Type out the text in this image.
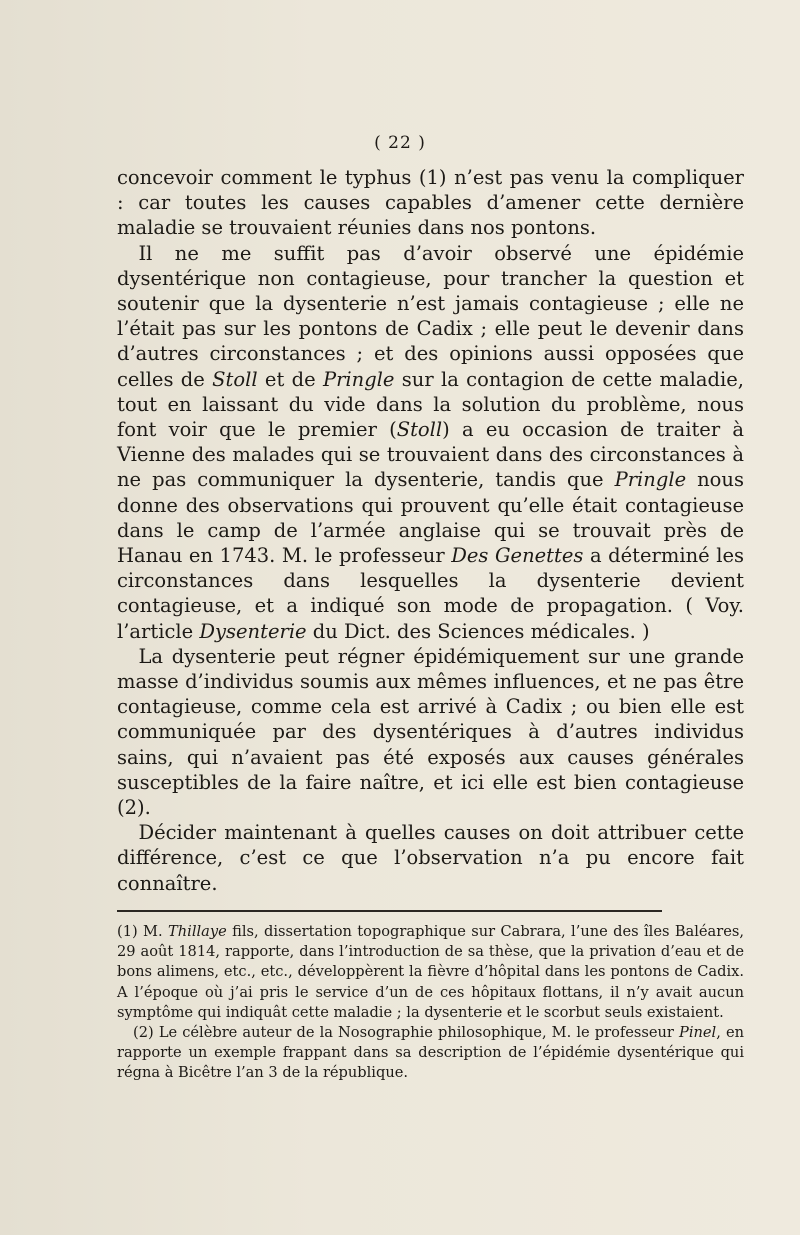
( 22 )

concevoir comment le typhus (1) n’est pas venu la compliquer : car toutes les causes capables d’amener cette dernière maladie se trouvaient réunies dans nos pontons.

Il ne me suffit pas d’avoir observé une épidémie dysentérique non contagieuse, pour trancher la question et soutenir que la dysenterie n’est jamais contagieuse ; elle ne l’était pas sur les pontons de Cadix ; elle peut le devenir dans d’autres circonstances ; et des opinions aussi opposées que celles de Stoll et de Pringle sur la contagion de cette maladie, tout en laissant du vide dans la solution du problème, nous font voir que le premier (Stoll) a eu occasion de traiter à Vienne des malades qui se trouvaient dans des circonstances à ne pas communiquer la dysenterie, tandis que Pringle nous donne des observations qui prouvent qu’elle était contagieuse dans le camp de l’armée anglaise qui se trouvait près de Hanau en 1743. M. le professeur Des Genettes a déterminé les circonstances dans lesquelles la dysenterie devient contagieuse, et a indiqué son mode de propagation. ( Voy. l’article Dysenterie du Dict. des Sciences médicales. )

La dysenterie peut régner épidémiquement sur une grande masse d’individus soumis aux mêmes influences, et ne pas être contagieuse, comme cela est arrivé à Cadix ; ou bien elle est communiquée par des dysentériques à d’autres individus sains, qui n’avaient pas été exposés aux causes générales susceptibles de la faire naître, et ici elle est bien contagieuse (2).

Décider maintenant à quelles causes on doit attribuer cette différence, c’est ce que l’observation n’a pu encore fait connaître.

(1) M. Thillaye fils, dissertation topographique sur Cabrara, l’une des îles Baléares, 29 août 1814, rapporte, dans l’introduction de sa thèse, que la privation d’eau et de bons alimens, etc., etc., développèrent la fièvre d’hôpital dans les pontons de Cadix. A l’époque où j’ai pris le service d’un de ces hôpitaux flottans, il n’y avait aucun symptôme qui indiquât cette maladie ; la dysenterie et le scorbut seuls existaient.

(2) Le célèbre auteur de la Nosographie philosophique, M. le professeur Pinel, en rapporte un exemple frappant dans sa description de l’épidémie dysentérique qui régna à Bicêtre l’an 3 de la république.
